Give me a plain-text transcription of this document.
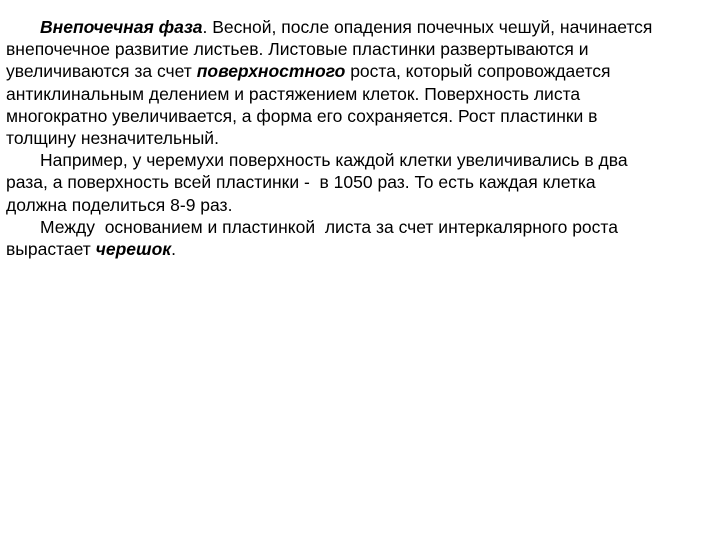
Внепочечная фаза. Весной, после опадения почечных чешуй, начинается
внепочечное развитие листьев. Листовые пластинки развертываются и
увеличиваются за счет поверхностного роста, который сопровождается
антиклинальным делением и растяжением клеток. Поверхность листа
многократно увеличивается, а форма его сохраняется. Рост пластинки в
толщину незначительный.
Например, у черемухи поверхность каждой клетки увеличивались в два
раза, а поверхность всей пластинки -  в 1050 раз. То есть каждая клетка
должна поделиться 8-9 раз.
Между  основанием и пластинкой  листа за счет интеркалярного роста
вырастает черешок.
